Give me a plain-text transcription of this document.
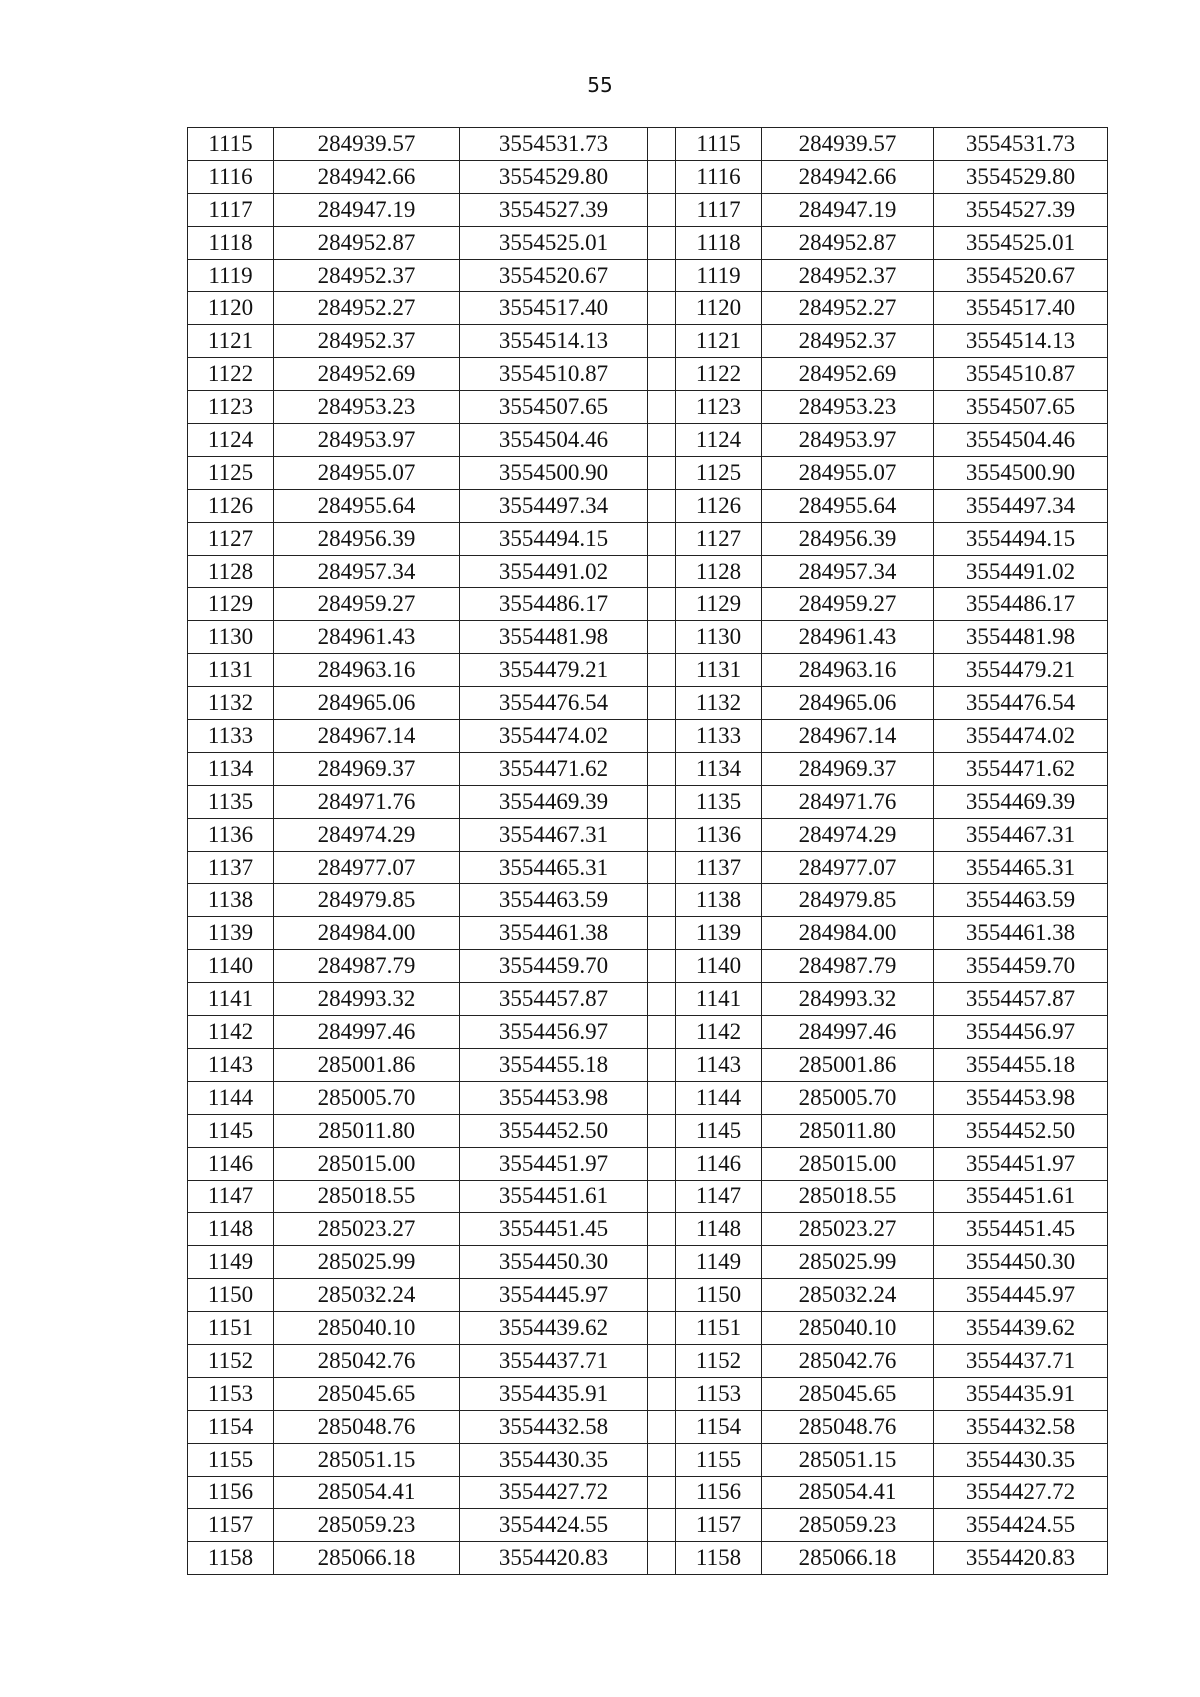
55
1115	284939.57	3554531.73		1115	284939.57	3554531.73
1116	284942.66	3554529.80		1116	284942.66	3554529.80
1117	284947.19	3554527.39		1117	284947.19	3554527.39
1118	284952.87	3554525.01		1118	284952.87	3554525.01
1119	284952.37	3554520.67		1119	284952.37	3554520.67
1120	284952.27	3554517.40		1120	284952.27	3554517.40
1121	284952.37	3554514.13		1121	284952.37	3554514.13
1122	284952.69	3554510.87		1122	284952.69	3554510.87
1123	284953.23	3554507.65		1123	284953.23	3554507.65
1124	284953.97	3554504.46		1124	284953.97	3554504.46
1125	284955.07	3554500.90		1125	284955.07	3554500.90
1126	284955.64	3554497.34		1126	284955.64	3554497.34
1127	284956.39	3554494.15		1127	284956.39	3554494.15
1128	284957.34	3554491.02		1128	284957.34	3554491.02
1129	284959.27	3554486.17		1129	284959.27	3554486.17
1130	284961.43	3554481.98		1130	284961.43	3554481.98
1131	284963.16	3554479.21		1131	284963.16	3554479.21
1132	284965.06	3554476.54		1132	284965.06	3554476.54
1133	284967.14	3554474.02		1133	284967.14	3554474.02
1134	284969.37	3554471.62		1134	284969.37	3554471.62
1135	284971.76	3554469.39		1135	284971.76	3554469.39
1136	284974.29	3554467.31		1136	284974.29	3554467.31
1137	284977.07	3554465.31		1137	284977.07	3554465.31
1138	284979.85	3554463.59		1138	284979.85	3554463.59
1139	284984.00	3554461.38		1139	284984.00	3554461.38
1140	284987.79	3554459.70		1140	284987.79	3554459.70
1141	284993.32	3554457.87		1141	284993.32	3554457.87
1142	284997.46	3554456.97		1142	284997.46	3554456.97
1143	285001.86	3554455.18		1143	285001.86	3554455.18
1144	285005.70	3554453.98		1144	285005.70	3554453.98
1145	285011.80	3554452.50		1145	285011.80	3554452.50
1146	285015.00	3554451.97		1146	285015.00	3554451.97
1147	285018.55	3554451.61		1147	285018.55	3554451.61
1148	285023.27	3554451.45		1148	285023.27	3554451.45
1149	285025.99	3554450.30		1149	285025.99	3554450.30
1150	285032.24	3554445.97		1150	285032.24	3554445.97
1151	285040.10	3554439.62		1151	285040.10	3554439.62
1152	285042.76	3554437.71		1152	285042.76	3554437.71
1153	285045.65	3554435.91		1153	285045.65	3554435.91
1154	285048.76	3554432.58		1154	285048.76	3554432.58
1155	285051.15	3554430.35		1155	285051.15	3554430.35
1156	285054.41	3554427.72		1156	285054.41	3554427.72
1157	285059.23	3554424.55		1157	285059.23	3554424.55
1158	285066.18	3554420.83		1158	285066.18	3554420.83
